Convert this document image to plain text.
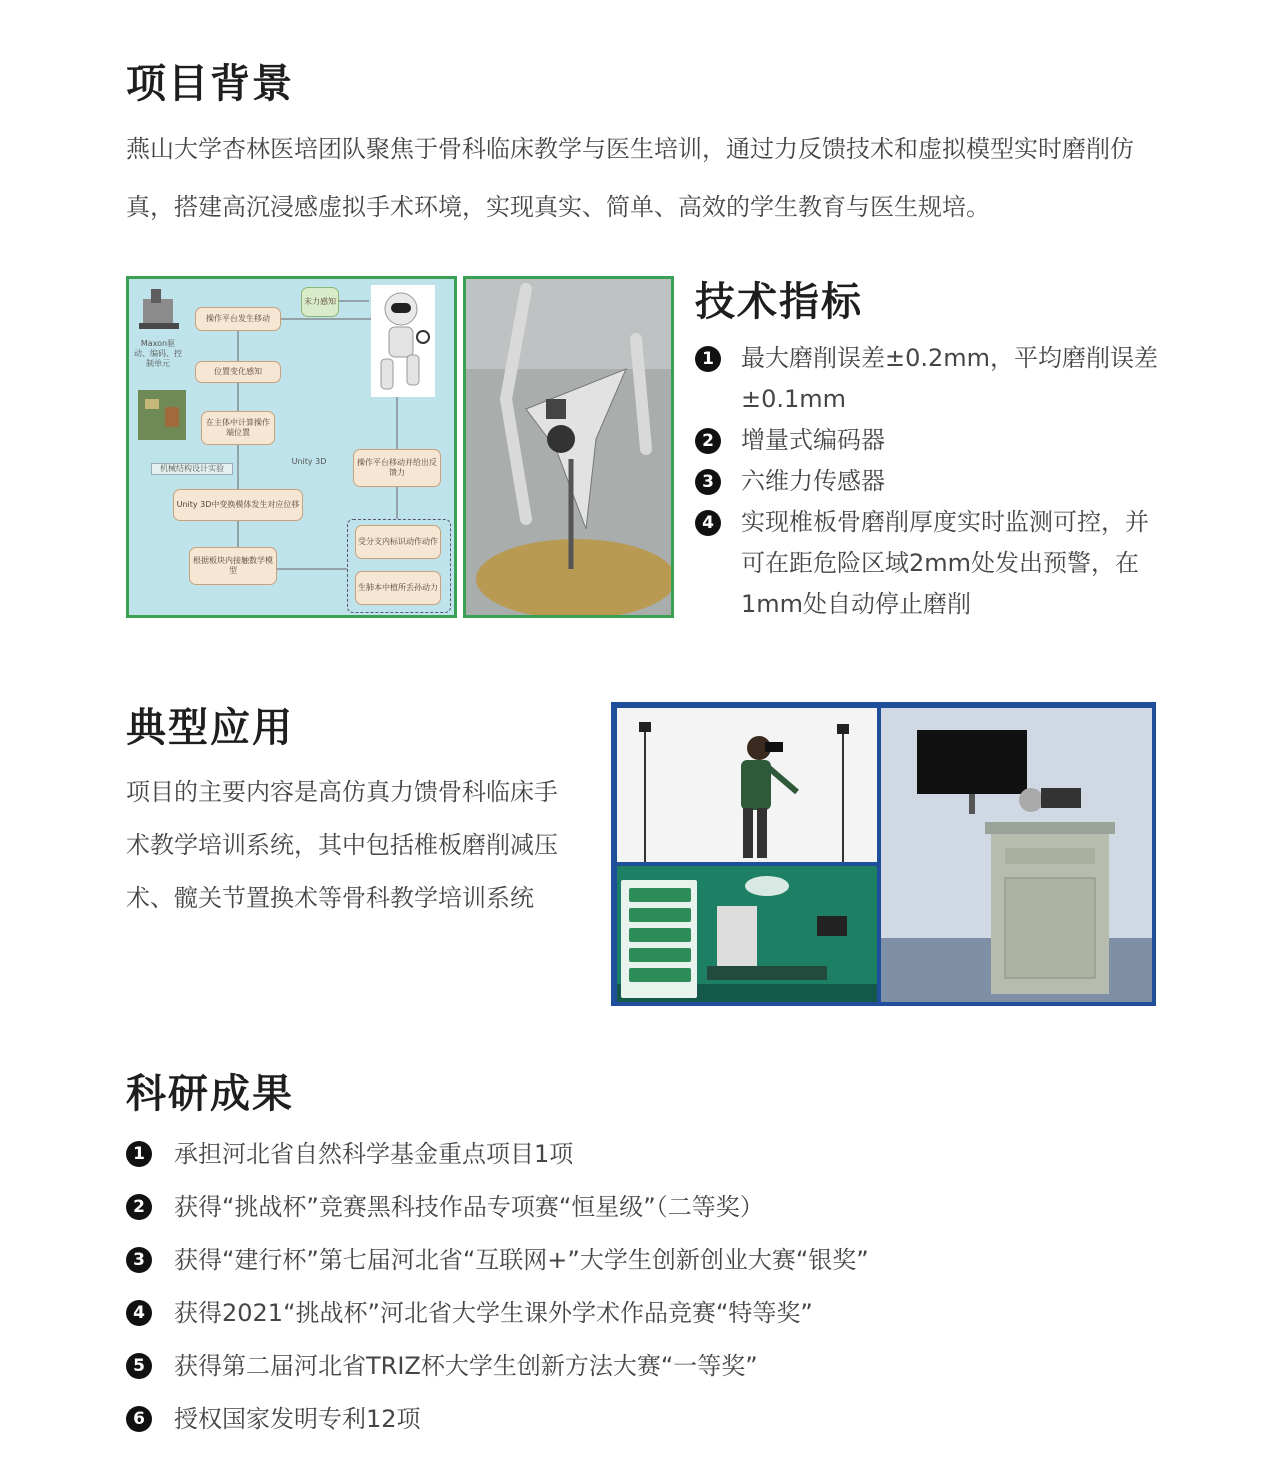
项目背景

燕山大学杏林医培团队聚焦于骨科临床教学与医生培训，通过力反馈技术和虚拟模型实时磨削仿真，搭建高沉浸感虚拟手术环境，实现真实、简单、高效的学生教育与医生规培。

Maxon驱动、编码、控制单元
机械结构设计实验
Unity 3D
操作平台发生移动
位置变化感知
在主体中计算操作端位置
Unity 3D中变换模体发生对应位移
根据板块内接触数学模型
受分支内标识动作动作
生肺本中植所丢孙动力
操作平台移动并给出反馈力
末力感知	技术指标
1 最大磨削误差±0.2mm，平均磨削误差±0.1mm
2 增量式编码器
3 六维力传感器
4 实现椎板骨磨削厚度实时监测可控，并可在距危险区域2mm处发出预警，在1mm处自动停止磨削
典型应用

项目的主要内容是高仿真力馈骨科临床手术教学培训系统，其中包括椎板磨削减压术、髋关节置换术等骨科教学培训系统

科研成果
1 承担河北省自然科学基金重点项目1项
2 获得“挑战杯”竞赛黑科技作品专项赛“恒星级”（二等奖）
3 获得“建行杯”第七届河北省“互联网+”大学生创新创业大赛“银奖”
4 获得2021“挑战杯”河北省大学生课外学术作品竞赛“特等奖”
5 获得第二届河北省TRIZ杯大学生创新方法大赛“一等奖”
6 授权国家发明专利12项
